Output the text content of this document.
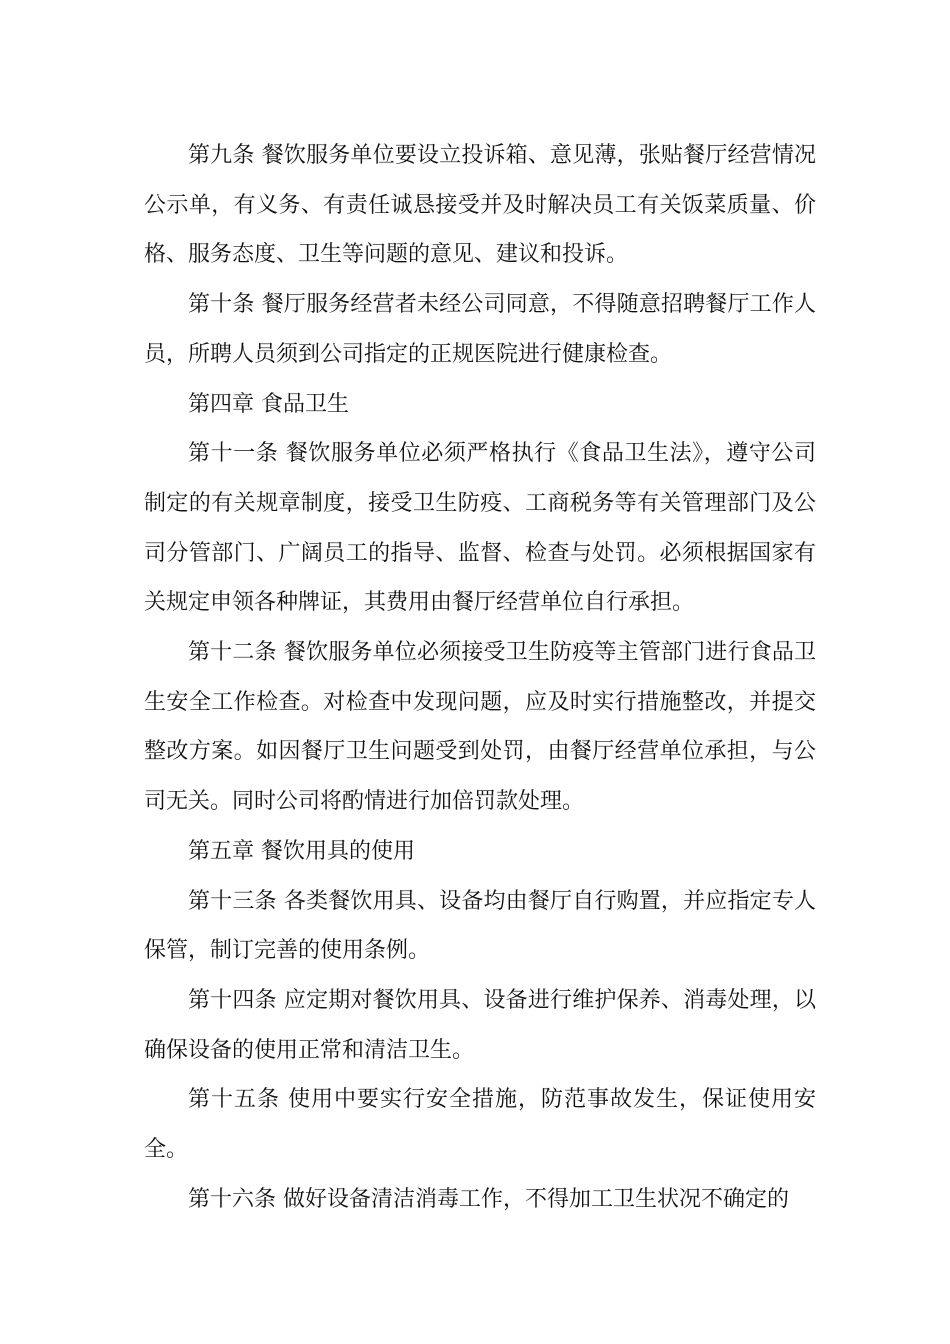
第九条 餐饮服务单位要设立投诉箱、意见薄，张贴餐厅经营情况公示单，有义务、有责任诚恳接受并及时解决员工有关饭菜质量、价格、服务态度、卫生等问题的意见、建议和投诉。

第十条 餐厅服务经营者未经公司同意，不得随意招聘餐厅工作人员，所聘人员须到公司指定的正规医院进行健康检查。

第四章 食品卫生

第十一条 餐饮服务单位必须严格执行《食品卫生法》，遵守公司制定的有关规章制度，接受卫生防疫、工商税务等有关管理部门及公司分管部门、广阔员工的指导、监督、检查与处罚。必须根据国家有关规定申领各种牌证，其费用由餐厅经营单位自行承担。

第十二条 餐饮服务单位必须接受卫生防疫等主管部门进行食品卫生安全工作检查。对检查中发现问题，应及时实行措施整改，并提交整改方案。如因餐厅卫生问题受到处罚，由餐厅经营单位承担，与公司无关。同时公司将酌情进行加倍罚款处理。

第五章 餐饮用具的使用

第十三条 各类餐饮用具、设备均由餐厅自行购置，并应指定专人保管，制订完善的使用条例。

第十四条 应定期对餐饮用具、设备进行维护保养、消毒处理，以确保设备的使用正常和清洁卫生。

第十五条 使用中要实行安全措施，防范事故发生，保证使用安全。

第十六条 做好设备清洁消毒工作，不得加工卫生状况不确定的
